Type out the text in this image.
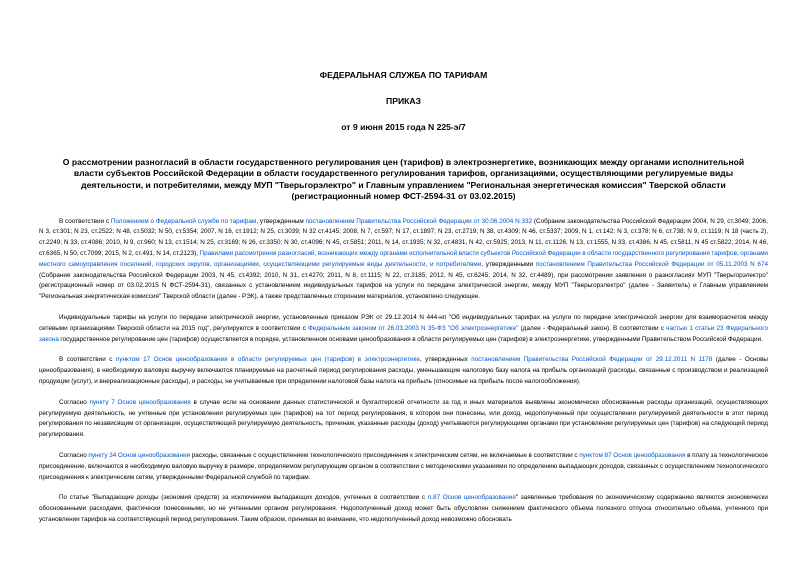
ФЕДЕРАЛЬНАЯ СЛУЖБА ПО ТАРИФАМ
ПРИКАЗ
от 9 июня 2015 года N 225-э/7
О рассмотрении разногласий в области государственного регулирования цен (тарифов) в электроэнергетике, возникающих между органами исполнительной власти субъектов Российской Федерации в области государственного регулирования тарифов, организациями, осуществляющими регулируемые виды деятельности, и потребителями, между МУП "Тверьгорэлектро" и Главным управлением "Региональная энергетическая комиссия" Тверской области (регистрационный номер ФСТ-2594-31 от 03.02.2015)

В соответствии с Положением о Федеральной службе по тарифам, утвержденным постановлением Правительства Российской Федерации от 30.06.2004 N 332 (Собрание законодательства Российской Федерации 2004, N 29, ст.3049; 2006, N 3, ст.301; N 23, ст.2522; N 48, ст.5032; N 50, ст.5354; 2007, N 16, ст.1912; N 25, ст.3039; N 32 ст.4145; 2008, N 7, ст.597; N 17, ст.1897; N 23, ст.2719; N 38, ст.4309; N 46, ст.5337; 2009, N 1, ст.142; N 3, ст.378; N 6, ст.738; N 9, ст.1119; N 18 (часть 2), ст.2249; N 33, ст.4086; 2010, N 9, ст.960; N 13, ст.1514; N 25, ст.3169; N 26, ст.3350; N 30, ст.4096; N 45, ст.5851; 2011, N 14, ст.1935; N 32, ст.4831, N 42, ст.5925; 2013, N 11, ст.1126, N 13, ст.1555, N 33, ст.4386, N 45, ст.5811, N 45 ст.5822; 2014, N 46, ст.6365, N 50, ст.7099; 2015, N 2, ст.491, N 14, ст.2123), Правилами рассмотрения разногласий, возникающих между органами исполнительной власти субъектов Российской Федерации в области государственного регулирования тарифов, органами местного самоуправления поселений, городских округов, организациями, осуществляющими регулируемые виды деятельности, и потребителями, утвержденными постановлением Правительства Российской Федерации от 05.11.2003 N 674 (Собрание законодательства Российской Федерации 2003, N 45, ст.4392; 2010, N 31, ст.4270; 2011, N 8, ст.1115; N 22, ст.3185; 2012, N 45, ст.6245; 2014, N 32, ст.4489), при рассмотрении заявления о разногласиях МУП "Тверьгорэлектро" (регистрационный номер от 03.02.2015 N ФСТ-2594-31), связанных с установлением индивидуальных тарифов на услуги по передаче электрической энергии, между МУП "Тверьгорэлектро" (далее - Заявитель) и Главным управлением "Региональная энергетическая комиссия" Тверской области (далее - РЭК), а также представленных сторонами материалов, установлено следующее.

Индивидуальные тарифы на услуги по передаче электрической энергии, установленные приказом РЭК от 29.12.2014 N 444-нп "Об индивидуальных тарифах на услуги по передаче электрической энергии для взаиморасчетов между сетевыми организациями Тверской области на 2015 год", регулируются в соответствии с Федеральным законом от 26.03.2003 N 35-ФЗ "Об электроэнергетике" (далее - Федеральный закон). В соответствии с частью 1 статьи 23 Федерального закона государственное регулирование цен (тарифов) осуществляется в порядке, установленном основами ценообразования в области регулируемых цен (тарифов) в электроэнергетике, утвержденными Правительством Российской Федерации.

В соответствии с пунктом 17 Основ ценообразования в области регулируемых цен (тарифов) в электроэнергетике, утвержденных постановлением Правительства Российской Федерации от 29.12.2011 N 1178 (далее - Основы ценообразования), в необходимую валовую выручку включаются планируемые на расчетный период регулирования расходы, уменьшающие налоговую базу налога на прибыль организаций (расходы, связанные с производством и реализацией продукции (услуг), и внереализационные расходы), и расходы, не учитываемые при определении налоговой базы налога на прибыль (относимые на прибыль после налогообложения).

Согласно пункту 7 Основ ценообразования в случае если на основании данных статистической и бухгалтерской отчетности за год и иных материалов выявлены экономически обоснованные расходы организаций, осуществляющих регулируемую деятельность, не учтенные при установлении регулируемых цен (тарифов) на тот период регулирования, в котором они понесены, или доход, недополученный при осуществлении регулируемой деятельности в этот период регулирования по независящим от организации, осуществляющей регулируемую деятельность, причинам, указанные расходы (доход) учитываются регулирующими органами при установлении регулируемых цен (тарифов) на следующий период регулирования.

Согласно пункту 34 Основ ценообразования расходы, связанные с осуществлением технологического присоединения к электрическим сетям, не включаемые в соответствии с пунктом 87 Основ ценообразования в плату за технологическое присоединение, включаются в необходимую валовую выручку в размере, определяемом регулирующим органом в соответствии с методическими указаниями по определению выпадающих доходов, связанных с осуществлением технологического присоединения к электрическим сетям, утвержденными Федеральной службой по тарифам.

По статье "Выпадающие доходы (экономия средств) за исключением выпадающих доходов, учтенных в соответствии с п.87 Основ ценообразования" заявленные требования по экономическому содержанию являются экономически обоснованными расходами, фактически понесенными, но не учтенными органом регулирования. Недополученный доход может быть обусловлен снижением фактического объема полезного отпуска относительно объема, учтенного при установлении тарифов на соответствующий период регулирования. Таким образом, принимая во внимание, что недополученный доход невозможно обосновать
